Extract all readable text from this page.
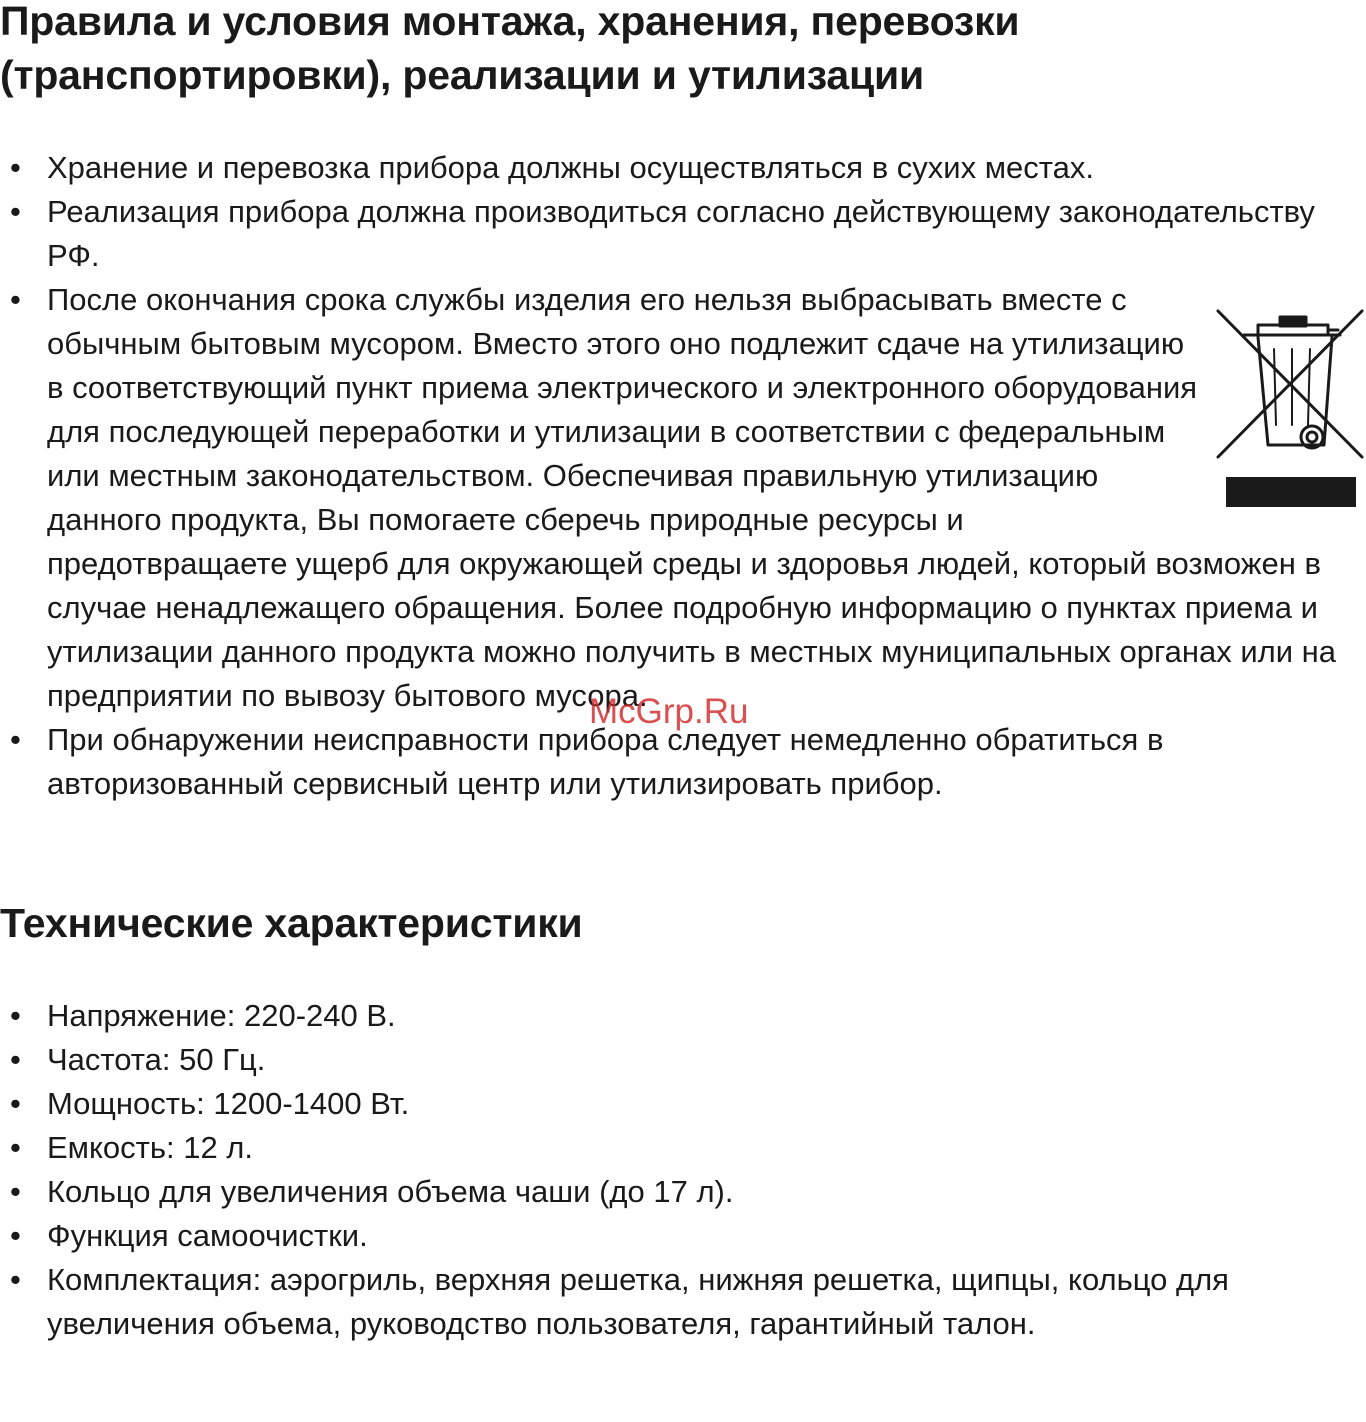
Правила и условия монтажа, хранения, перевозки
(транспортировки), реализации и утилизации
• Хранение и перевозка прибора должны осуществляться в сухих местах.
• Реализация прибора должна производиться согласно действующему законодательству РФ.
• После окончания срока службы изделия его нельзя выбрасывать вместе с обычным бытовым мусором. Вместо этого оно подлежит сдаче на утилизацию в соответствующий пункт приема электрического и электронного оборудования для последующей переработки и утилизации в соответствии с федеральным или местным законодательством. Обеспечивая правильную утилизацию данного продукта, Вы помогаете сберечь природные ресурсы и предотвращаете ущерб для окружающей среды и здоровья людей, который возможен в случае ненадлежащего обращения. Более подробную информацию о пунктах приема и утилизации данного продукта можно получить в местных муниципальных органах или на предприятии по вывозу бытового мусора.
• При обнаружении неисправности прибора следует немедленно обратиться в авторизованный сервисный центр или утилизировать прибор.
McGrp.Ru
Технические характеристики
• Напряжение: 220-240 В.
• Частота: 50 Гц.
• Мощность: 1200-1400 Вт.
• Емкость: 12 л.
• Кольцо для увеличения объема чаши (до 17 л).
• Функция самоочистки.
• Комплектация: аэрогриль, верхняя решетка, нижняя решетка, щипцы, кольцо для увеличения объема, руководство пользователя, гарантийный талон.
